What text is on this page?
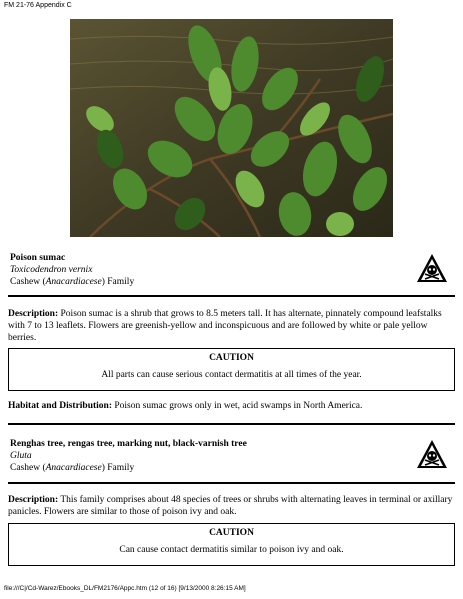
FM 21-76 Appendix C
Poison sumac
Toxicodendron vernix
Cashew (Anacardiacese) Family
Description: Poison sumac is a shrub that grows to 8.5 meters tall. It has alternate, pinnately compound leafstalks with 7 to 13 leaflets. Flowers are greenish-yellow and inconspicuous and are followed by white or pale yellow berries.
CAUTION
All parts can cause serious contact dermatitis at all times of the year.
Habitat and Distribution: Poison sumac grows only in wet, acid swamps in North America.
Renghas tree, rengas tree, marking nut, black-varnish tree
Gluta
Cashew (Anacardiacese) Family
Description: This family comprises about 48 species of trees or shrubs with alternating leaves in terminal or axillary panicles. Flowers are similar to those of poison ivy and oak.
CAUTION
Can cause contact dermatitis similar to poison ivy and oak.
file:///C|/Cd-Warez/Ebooks_DL/FM2176/Appc.htm (12 of 16) [9/13/2000 8:26:15 AM]
